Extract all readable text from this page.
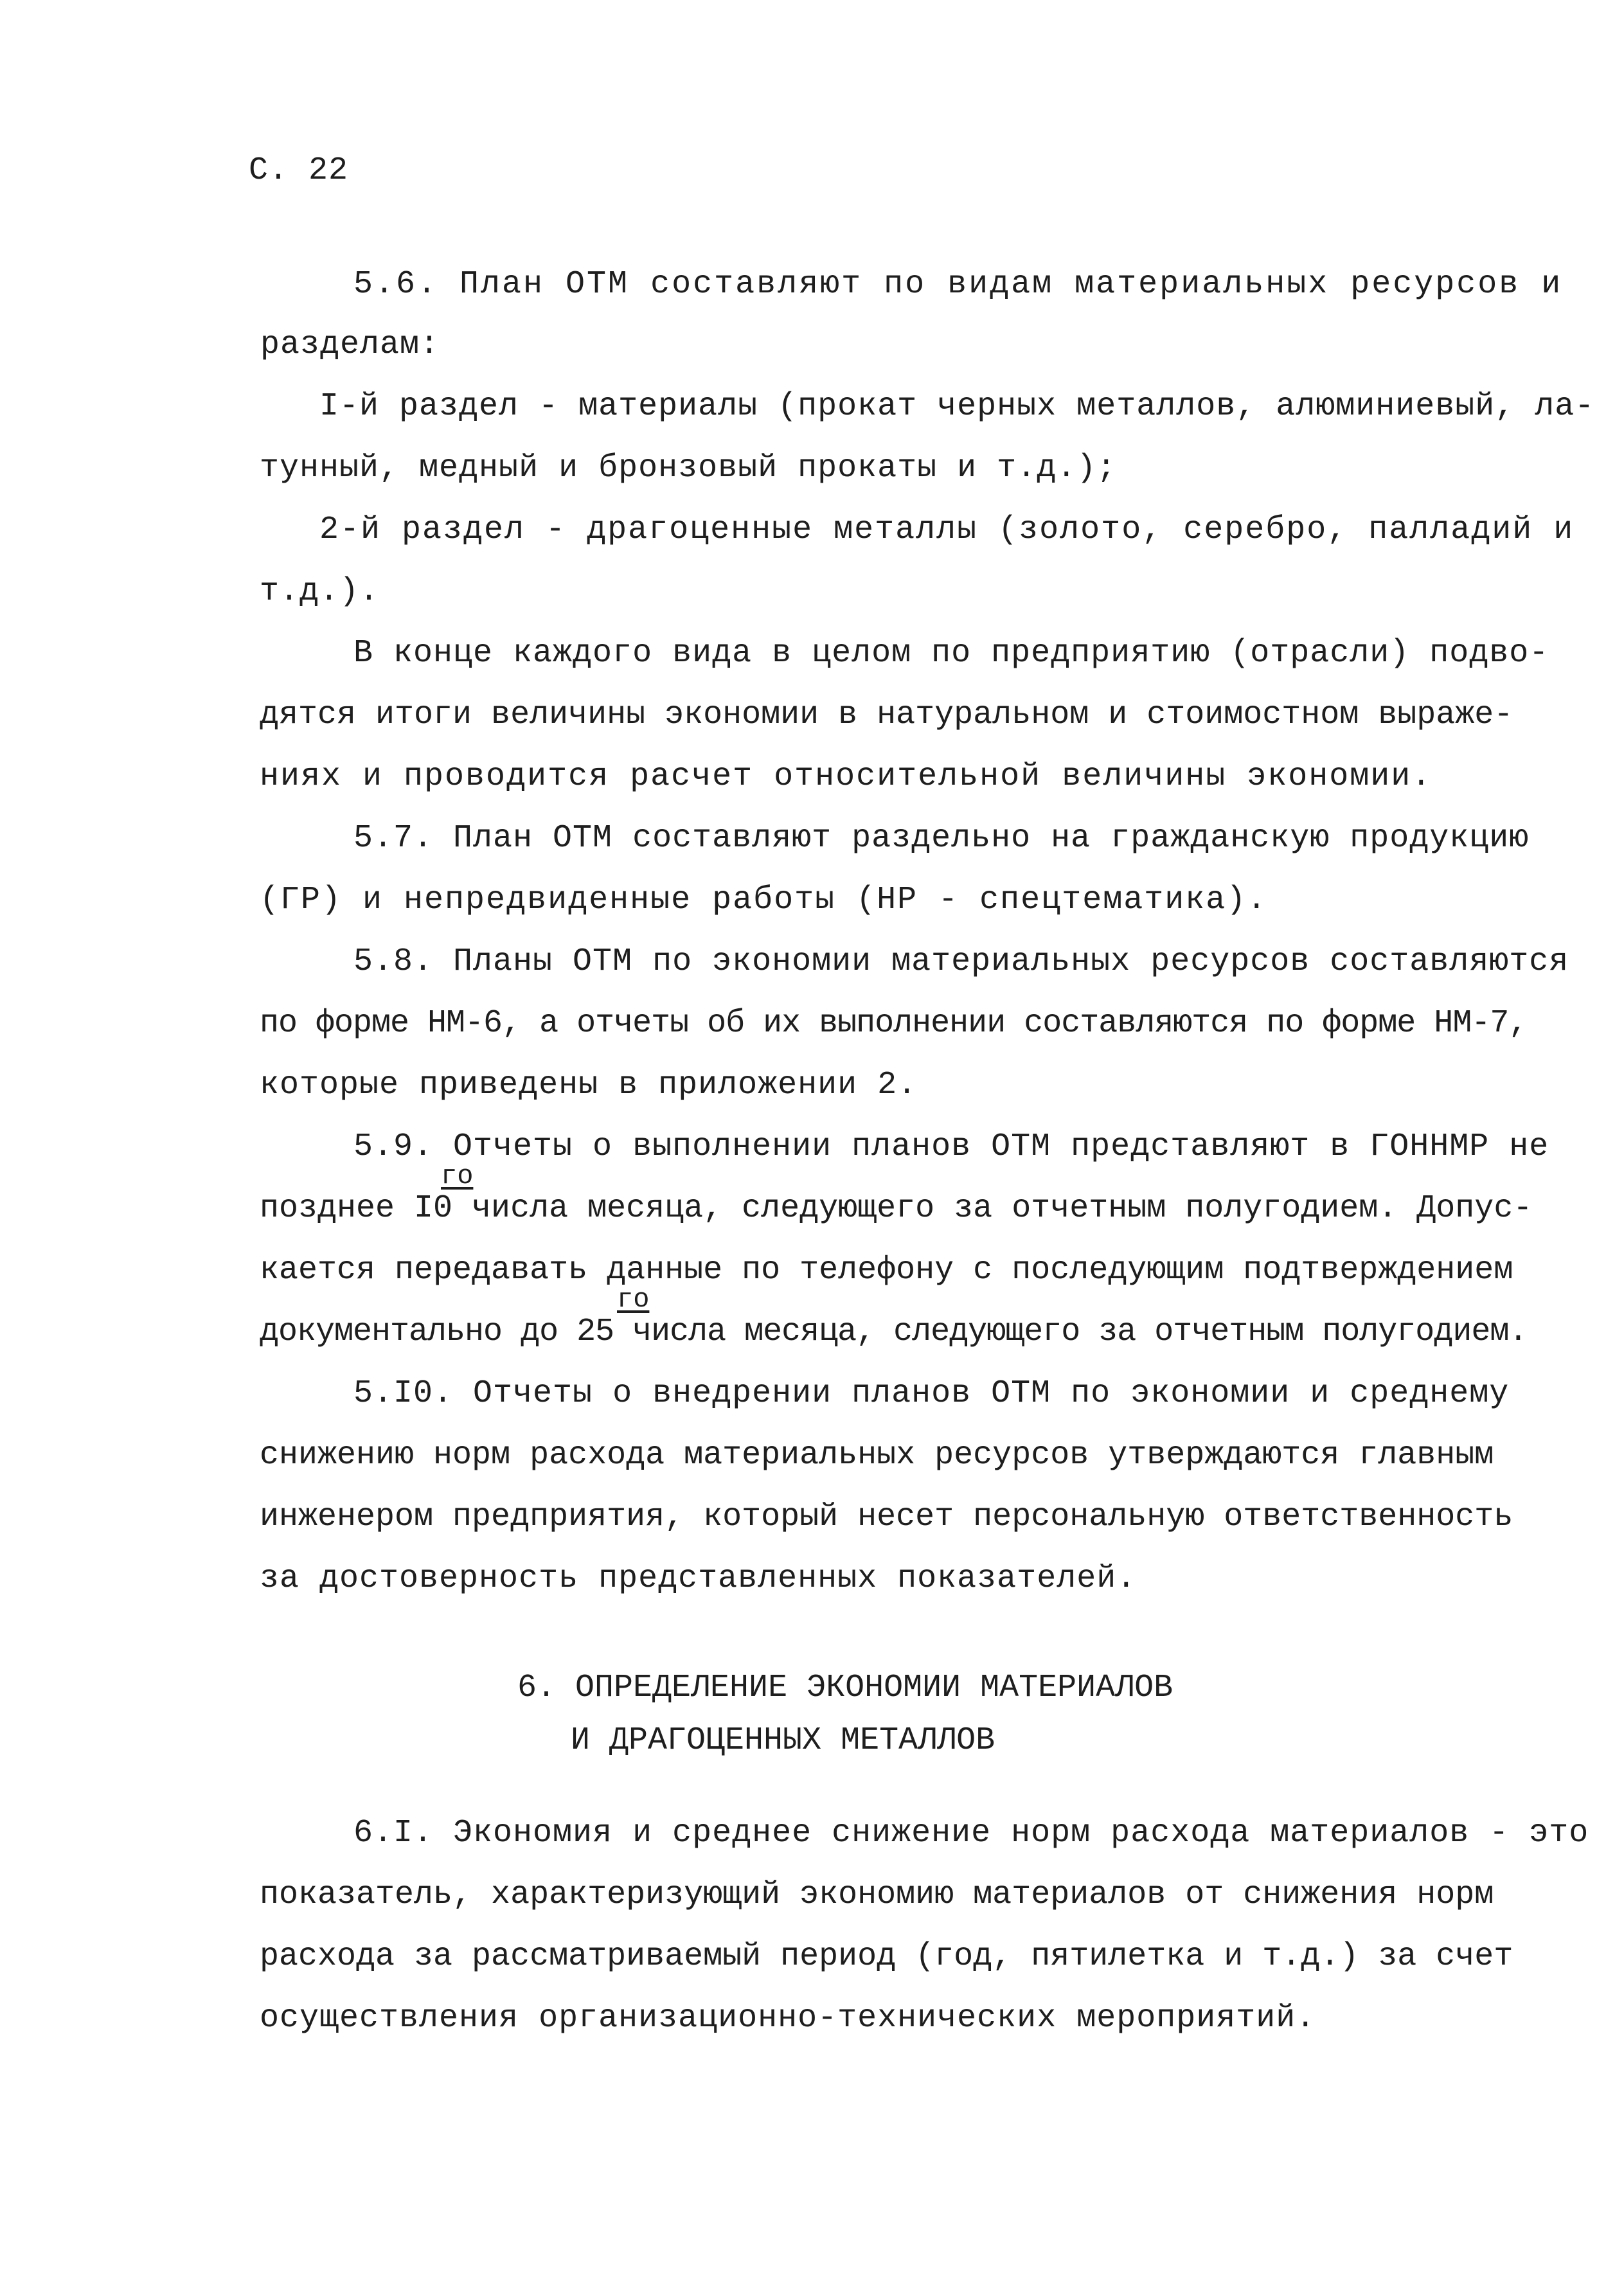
С. 22
5.6. План ОТМ составляют по видам материальных ресурсов и
разделам:
I-й раздел - материалы (прокат черных металлов, алюминиевый, ла-
тунный, медный и бронзовый прокаты и т.д.);
2-й раздел - драгоценные металлы (золото, серебро, палладий и
т.д.).
В конце каждого вида в целом по предприятию (отрасли) подво-
дятся итоги величины экономии в натуральном и стоимостном выраже-
ниях и проводится расчет относительной величины экономии.
5.7. План ОТМ составляют раздельно на гражданскую продукцию
(ГР) и непредвиденные работы (НР - спецтематика).
5.8. Планы ОТМ по экономии материальных ресурсов составляются
по форме НМ-6, а отчеты об их выполнении составляются по форме НМ-7,
которые приведены в приложении 2.
5.9. Отчеты о выполнении планов ОТМ представляют в ГОННМР не
го
позднее I0 числа месяца, следующего за отчетным полугодием. Допус-
кается передавать данные по телефону с последующим подтверждением
го
документально до 25 числа месяца, следующего за отчетным полугодием.
5.I0. Отчеты о внедрении планов ОТМ по экономии и среднему
снижению норм расхода материальных ресурсов утверждаются главным
инженером предприятия, который несет персональную ответственность
за достоверность представленных показателей.
6. ОПРЕДЕЛЕНИЕ ЭКОНОМИИ МАТЕРИАЛОВ
И ДРАГОЦЕННЫХ МЕТАЛЛОВ
6.I. Экономия и среднее снижение норм расхода материалов - это
показатель, характеризующий экономию материалов от снижения норм
расхода за рассматриваемый период (год, пятилетка и т.д.) за счет
осуществления организационно-технических мероприятий.
